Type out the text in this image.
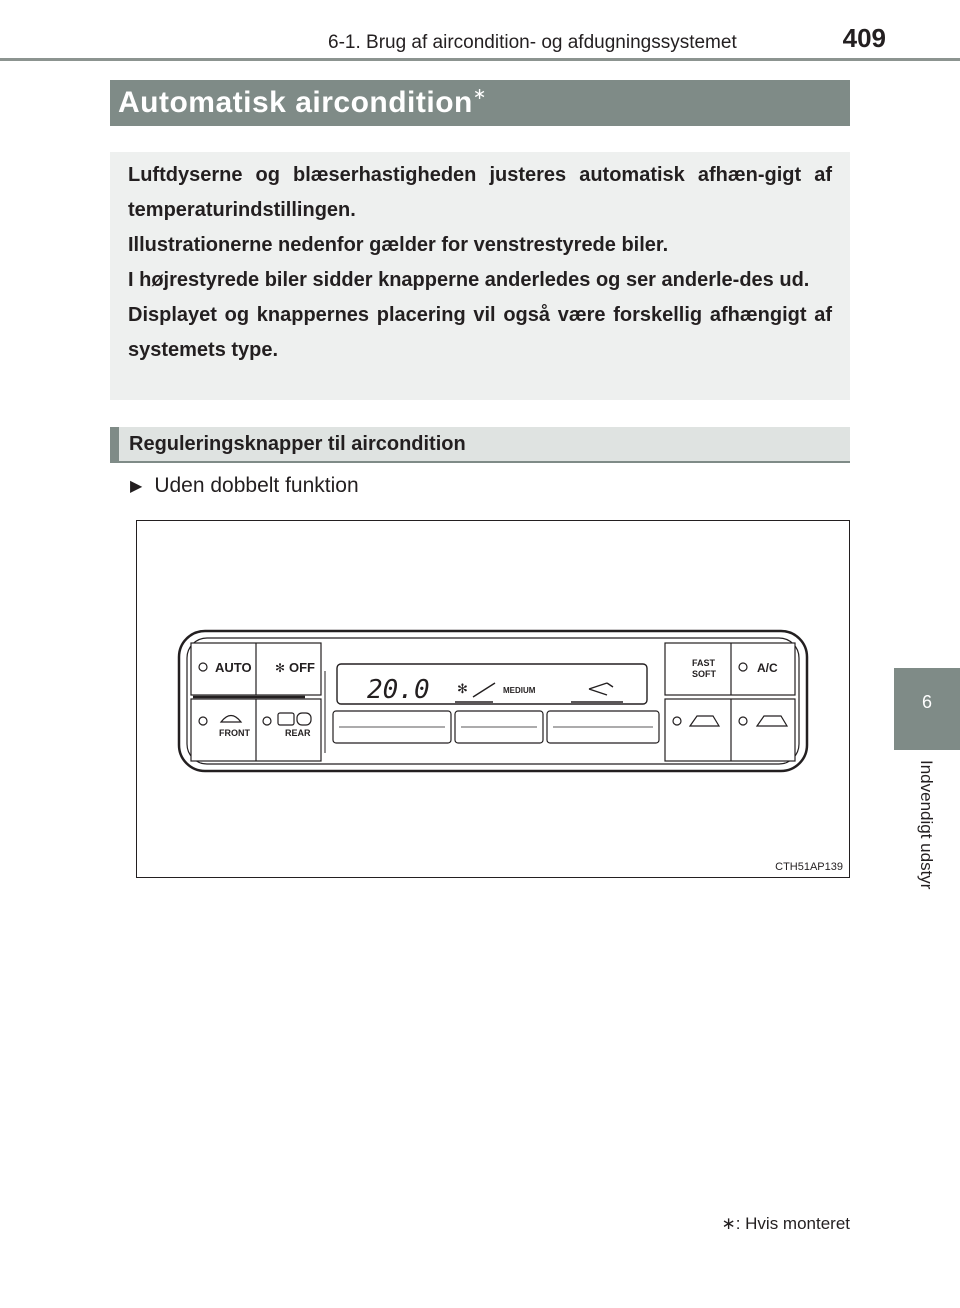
6-1. Brug af aircondition- og afdugningssystemet	409
6
Indvendigt udstyr
Automatisk aircondition∗

Luftdyserne og blæserhastigheden justeres automatisk afhæn-gigt af temperaturindstillingen.

Illustrationerne nedenfor gælder for venstrestyrede biler.

I højrestyrede biler sidder knapperne anderledes og ser anderle-des ud.

Displayet og knappernes placering vil også være forskellig afhængigt af systemets type.

Reguleringsknapper til aircondition
▶ Uden dobbelt funktion
AUTO ✻ OFF
FRONT	REAR
20.0 ✻	MEDIUM
FAST
SOFT	A/C
CTH51AP139
∗: Hvis monteret
